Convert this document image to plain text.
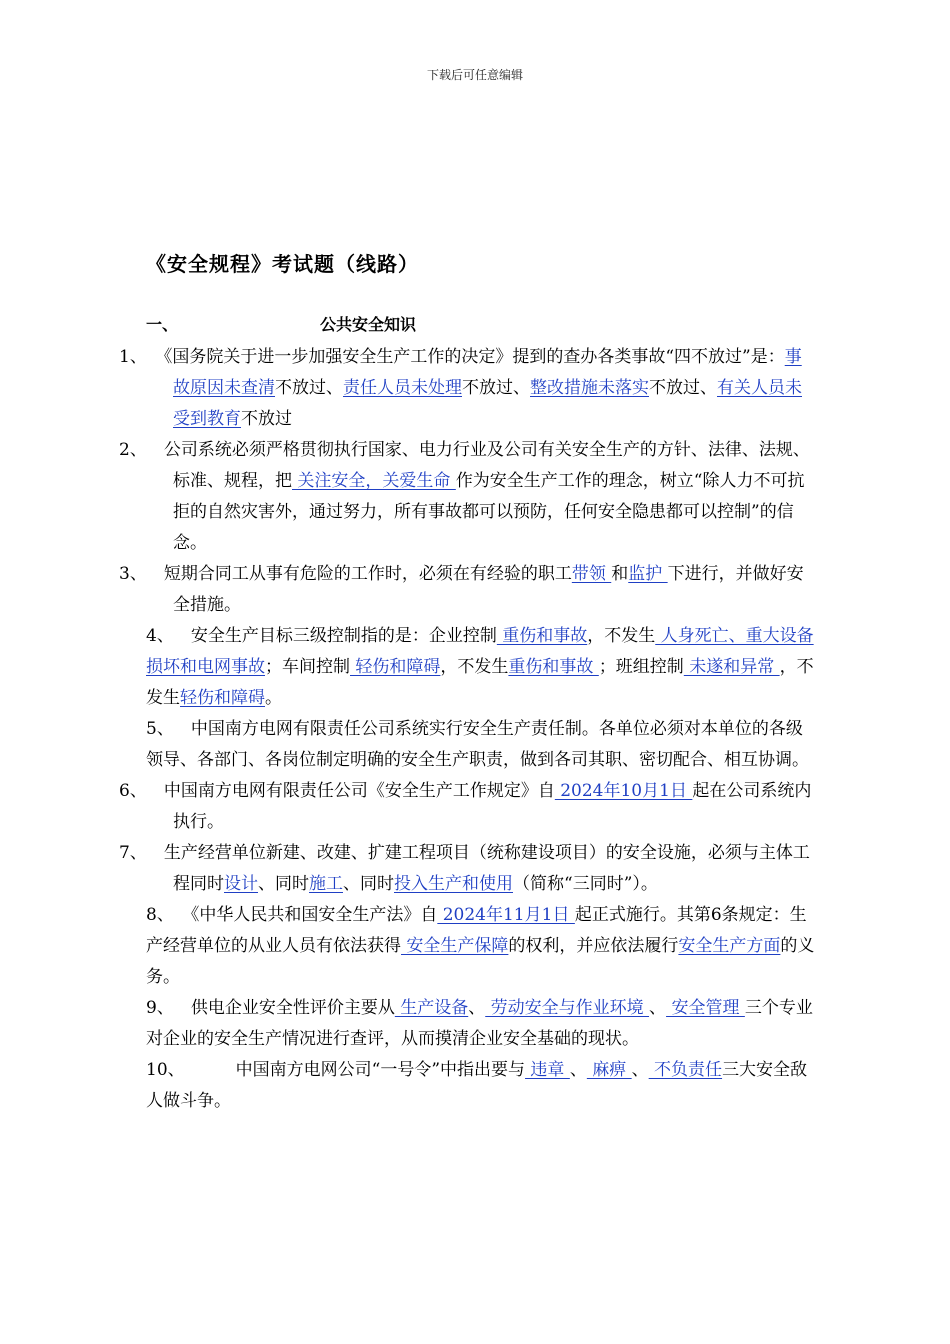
下载后可任意编辑
《安全规程》考试题（线路）
一、	公共安全知识

1、　《国务院关于进一步加强安全生产工作的决定》提到的查办各类事故“四不放过”是：事故原因未查清不放过、责任人员未处理不放过、整改措施未落实不放过、有关人员未受到教育不放过

2、　公司系统必须严格贯彻执行国家、电力行业及公司有关安全生产的方针、法律、法规、标准、规程，把 关注安全，关爱生命 作为安全生产工作的理念，树立“除人力不可抗拒的自然灾害外，通过努力，所有事故都可以预防，任何安全隐患都可以控制”的信念。

3、　短期合同工从事有危险的工作时，必须在有经验的职工带领 和监护 下进行，并做好安全措施。

4、　安全生产目标三级控制指的是：企业控制 重伤和事故，不发生 人身死亡、重大设备损坏和电网事故；车间控制 轻伤和障碍，不发生重伤和事故 ；班组控制 未遂和异常 ，不发生轻伤和障碍。

5、　中国南方电网有限责任公司系统实行安全生产责任制。各单位必须对本单位的各级领导、各部门、各岗位制定明确的安全生产职责，做到各司其职、密切配合、相互协调。

6、　中国南方电网有限责任公司《安全生产工作规定》自 2024年10月1日 起在公司系统内执行。

7、　生产经营单位新建、改建、扩建工程项目（统称建设项目）的安全设施，必须与主体工程同时设计、同时施工、同时投入生产和使用（简称“三同时”）。

8、　《中华人民共和国安全生产法》自 2024年11月1日 起正式施行。其第6条规定：生产经营单位的从业人员有依法获得 安全生产保障的权利，并应依法履行安全生产方面的义务。

9、　供电企业安全性评价主要从 生产设备、 劳动安全与作业环境 、 安全管理 三个专业对企业的安全生产情况进行查评，从而摸清企业安全基础的现状。

10、　　　中国南方电网公司“一号令”中指出要与 违章 、 麻痹 、 不负责任三大安全敌人做斗争。
